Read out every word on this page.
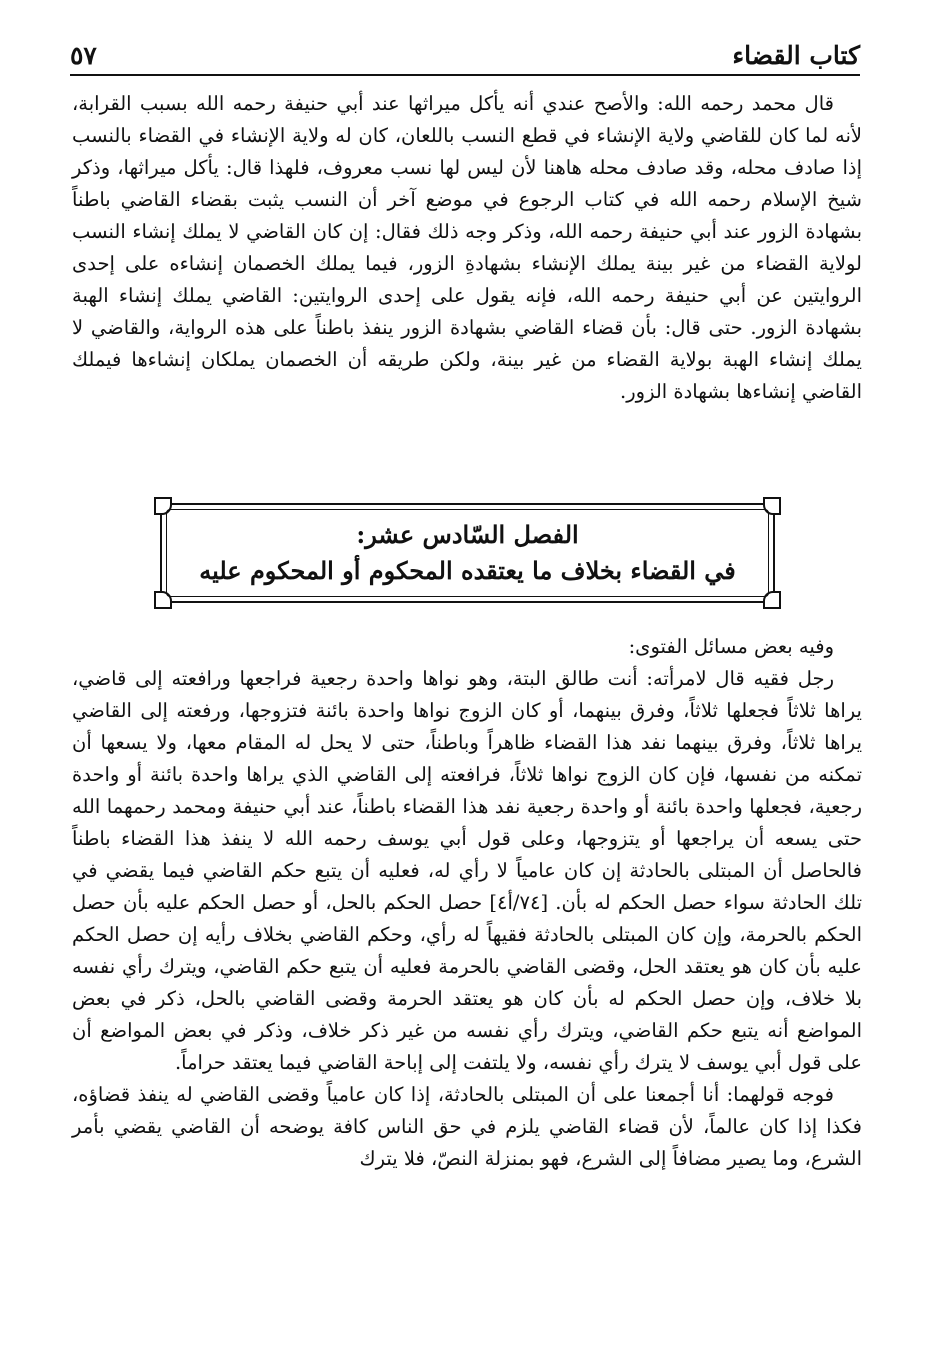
كتاب القضاء
٥٧

قال محمد رحمه الله: والأصح عندي أنه يأكل ميراثها عند أبي حنيفة رحمه الله بسبب القرابة، لأنه لما كان للقاضي ولاية الإنشاء في قطع النسب باللعان، كان له ولاية الإنشاء في القضاء بالنسب إذا صادف محله، وقد صادف محله هاهنا لأن ليس لها نسب معروف، فلهذا قال: يأكل ميراثها، وذكر شيخ الإسلام رحمه الله في كتاب الرجوع في موضع آخر أن النسب يثبت بقضاء القاضي باطناً بشهادة الزور عند أبي حنيفة رحمه الله، وذكر وجه ذلك فقال: إن كان القاضي لا يملك إنشاء النسب لولاية القضاء من غير بينة يملك الإنشاء بشهادةِ الزور، فيما يملك الخصمان إنشاءه على إحدى الروايتين عن أبي حنيفة رحمه الله، فإنه يقول على إحدى الروايتين: القاضي يملك إنشاء الهبة بشهادة الزور. حتى قال: بأن قضاء القاضي بشهادة الزور ينفذ باطناً على هذه الرواية، والقاضي لا يملك إنشاء الهبة بولاية القضاء من غير بينة، ولكن طريقه أن الخصمان يملكان إنشاءها فيملك القاضي إنشاءها بشهادة الزور.

الفصل السّادس عشر:
في القضاء بخلاف ما يعتقده المحكوم أو المحكوم عليه

وفيه بعض مسائل الفتوى:

رجل فقيه قال لامرأته: أنت طالق البتة، وهو نواها واحدة رجعية فراجعها ورافعته إلى قاضي، يراها ثلاثاً فجعلها ثلاثاً، وفرق بينهما، أو كان الزوج نواها واحدة بائنة فتزوجها، ورفعته إلى القاضي يراها ثلاثاً، وفرق بينهما نفد هذا القضاء ظاهراً وباطناً، حتى لا يحل له المقام معها، ولا يسعها أن تمكنه من نفسها، فإن كان الزوج نواها ثلاثاً، فرافعته إلى القاضي الذي يراها واحدة بائنة أو واحدة رجعية، فجعلها واحدة بائنة أو واحدة رجعية نفد هذا القضاء باطناً، عند أبي حنيفة ومحمد رحمهما الله حتى يسعه أن يراجعها أو يتزوجها، وعلى قول أبي يوسف رحمه الله لا ينفذ هذا القضاء باطناً فالحاصل أن المبتلى بالحادثة إن كان عامياً لا رأي له، فعليه أن يتبع حكم القاضي فيما يقضي في تلك الحادثة سواء حصل الحكم له بأن. [٧٤/أ٤] حصل الحكم بالحل، أو حصل الحكم عليه بأن حصل الحكم بالحرمة، وإن كان المبتلى بالحادثة فقيهاً له رأي، وحكم القاضي بخلاف رأيه إن حصل الحكم عليه بأن كان هو يعتقد الحل، وقضى القاضي بالحرمة فعليه أن يتبع حكم القاضي، ويترك رأي نفسه بلا خلاف، وإن حصل الحكم له بأن كان هو يعتقد الحرمة وقضى القاضي بالحل، ذكر في بعض المواضع أنه يتبع حكم القاضي، ويترك رأي نفسه من غير ذكر خلاف، وذكر في بعض المواضع أن على قول أبي يوسف لا يترك رأي نفسه، ولا يلتفت إلى إباحة القاضي فيما يعتقد حراماً.

فوجه قولهما: أنا أجمعنا على أن المبتلى بالحادثة، إذا كان عامياً وقضى القاضي له ينفذ قضاؤه، فكذا إذا كان عالماً، لأن قضاء القاضي يلزم في حق الناس كافة يوضحه أن القاضي يقضي بأمر الشرع، وما يصير مضافاً إلى الشرع، فهو بمنزلة النصّ، فلا يترك
